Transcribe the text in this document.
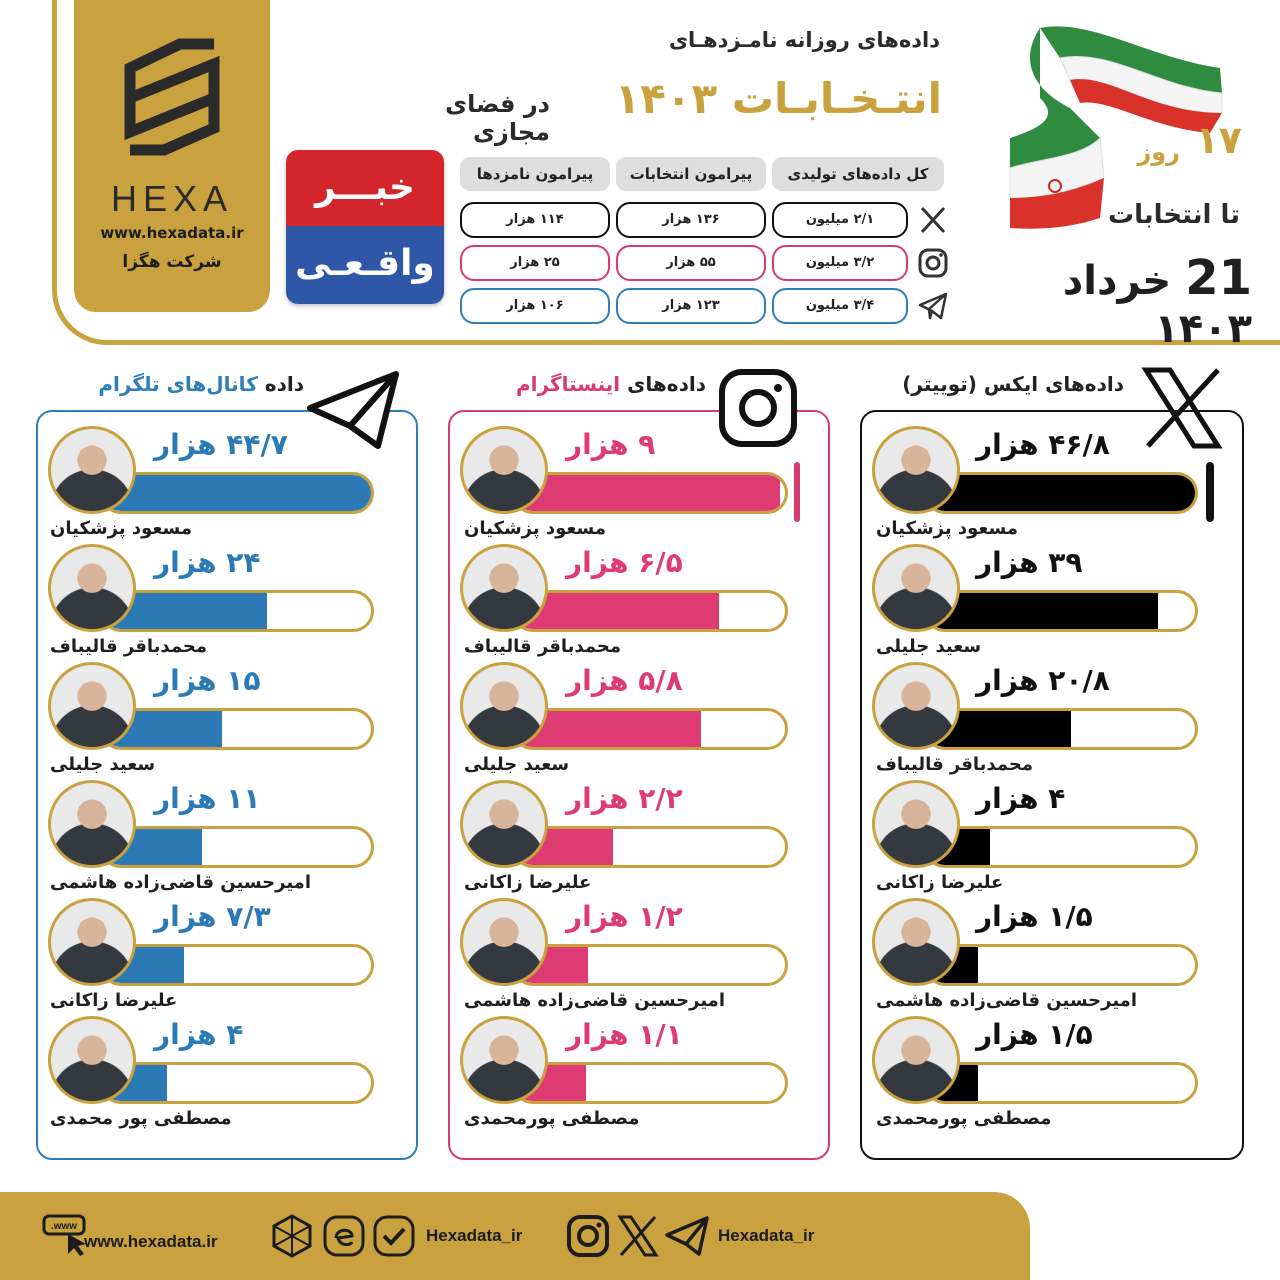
HEXA
www.hexadata.ir
شرکت هگزا
داده‌های روزانه نامـزدهـای
انتـخـابـات ۱۴۰۳
در فضای مجازی
خبـــر
واقـعـی
کل داده‌های تولیدی
پیرامون انتخابات
پیرامون نامزدها
۲/۱ میلیون
۱۳۶ هزار
۱۱۴ هزار
۳/۲ میلیون
۵۵ هزار
۲۵ هزار
۳/۴ میلیون
۱۲۳ هزار
۱۰۶ هزار
۱۷
روز
تا انتخابات
21 خرداد ۱۴۰۳
داده‌های ایکس (توییتر)
داده‌های اینستاگرام
داده کانال‌های تلگرام
۴۶/۸ هزار
مسعود پزشکیان
۳۹ هزار
سعید جلیلی
۲۰/۸ هزار
محمدباقر قالیباف
۴ هزار
علیرضا زاکانی
۱/۵ هزار
امیرحسین قاضی‌زاده هاشمی
۱/۵ هزار
مصطفی پورمحمدی
۹ هزار
مسعود پزشکیان
۶/۵ هزار
محمدباقر قالیباف
۵/۸ هزار
سعید جلیلی
۲/۲ هزار
علیرضا زاکانی
۱/۲ هزار
امیرحسین قاضی‌زاده هاشمی
۱/۱ هزار
مصطفی پورمحمدی
۴۴/۷ هزار
مسعود پزشکیان
۲۴ هزار
محمدباقر قالیباف
۱۵ هزار
سعید جلیلی
۱۱ هزار
امیرحسین قاضی‌زاده هاشمی
۷/۳ هزار
علیرضا زاکانی
۴ هزار
مصطفی پور محمدی
www.
www.hexadata.ir	Hexadata_ir	Hexadata_ir
